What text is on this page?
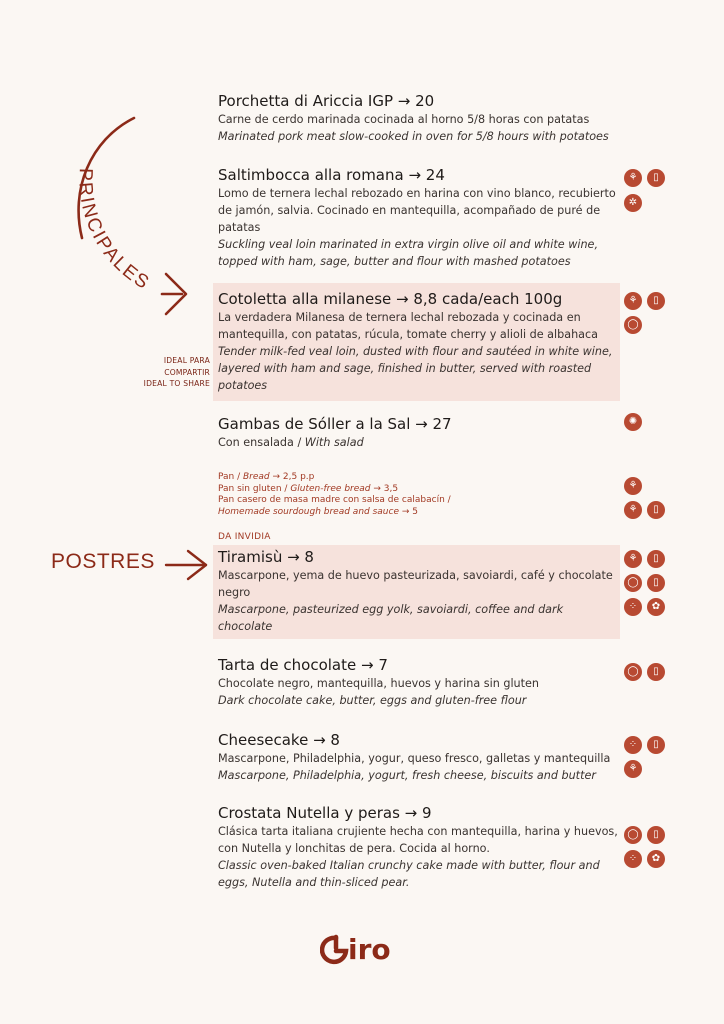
PRINCIPALES
IDEAL PARA
COMPARTIR
IDEAL TO SHARE
Porchetta di Ariccia IGP → 20
Carne de cerdo marinada cocinada al horno 5/8 horas con patatas
Marinated pork meat slow-cooked in oven for 5/8 hours with potatoes
Saltimbocca alla romana → 24
Lomo de ternera lechal rebozado en harina con vino blanco, recubierto de jamón, salvia. Cocinado en mantequilla, acompañado de puré de patatas
Suckling veal loin marinated in extra virgin olive oil and white wine, topped with ham, sage, butter and flour with mashed potatoes
⚘	▯
✲
Cotoletta alla milanese → 8,8 cada/each 100g
La verdadera Milanesa de ternera lechal rebozada y cocinada en mantequilla, con patatas, rúcula, tomate cherry y alioli de albahaca
Tender milk-fed veal loin, dusted with flour and sautéed in white wine, layered with ham and sage, finished in butter, served with roasted potatoes
⚘	▯
◯
Gambas de Sóller a la Sal → 27
Con ensalada / With salad
✺
Pan / Bread → 2,5 p.p
Pan sin gluten / Gluten-free bread → 3,5
Pan casero de masa madre con salsa de calabacín /
Homemade sourdough bread and sauce → 5
⚘
⚘	▯
DA INVIDIA
POSTRES	Tiramisù → 8
Mascarpone, yema de huevo pasteurizada, savoiardi, café y chocolate negro
Mascarpone, pasteurized egg yolk, savoiardi, coffee and dark chocolate
⚘	▯
◯	▯
⁘	✿
Tarta de chocolate → 7
Chocolate negro, mantequilla, huevos y harina sin gluten
Dark chocolate cake, butter, eggs and gluten-free flour
◯	▯
Cheesecake → 8
Mascarpone, Philadelphia, yogur, queso fresco, galletas y mantequilla
Mascarpone, Philadelphia, yogurt, fresh cheese, biscuits and butter
⁘	▯
⚘
Crostata Nutella y peras → 9
Clásica tarta italiana crujiente hecha con mantequilla, harina y huevos, con Nutella y lonchitas de pera. Cocida al horno.
Classic oven-baked Italian crunchy cake made with butter, flour and eggs, Nutella and thin-sliced pear.
◯	▯
⁘	✿
iro
